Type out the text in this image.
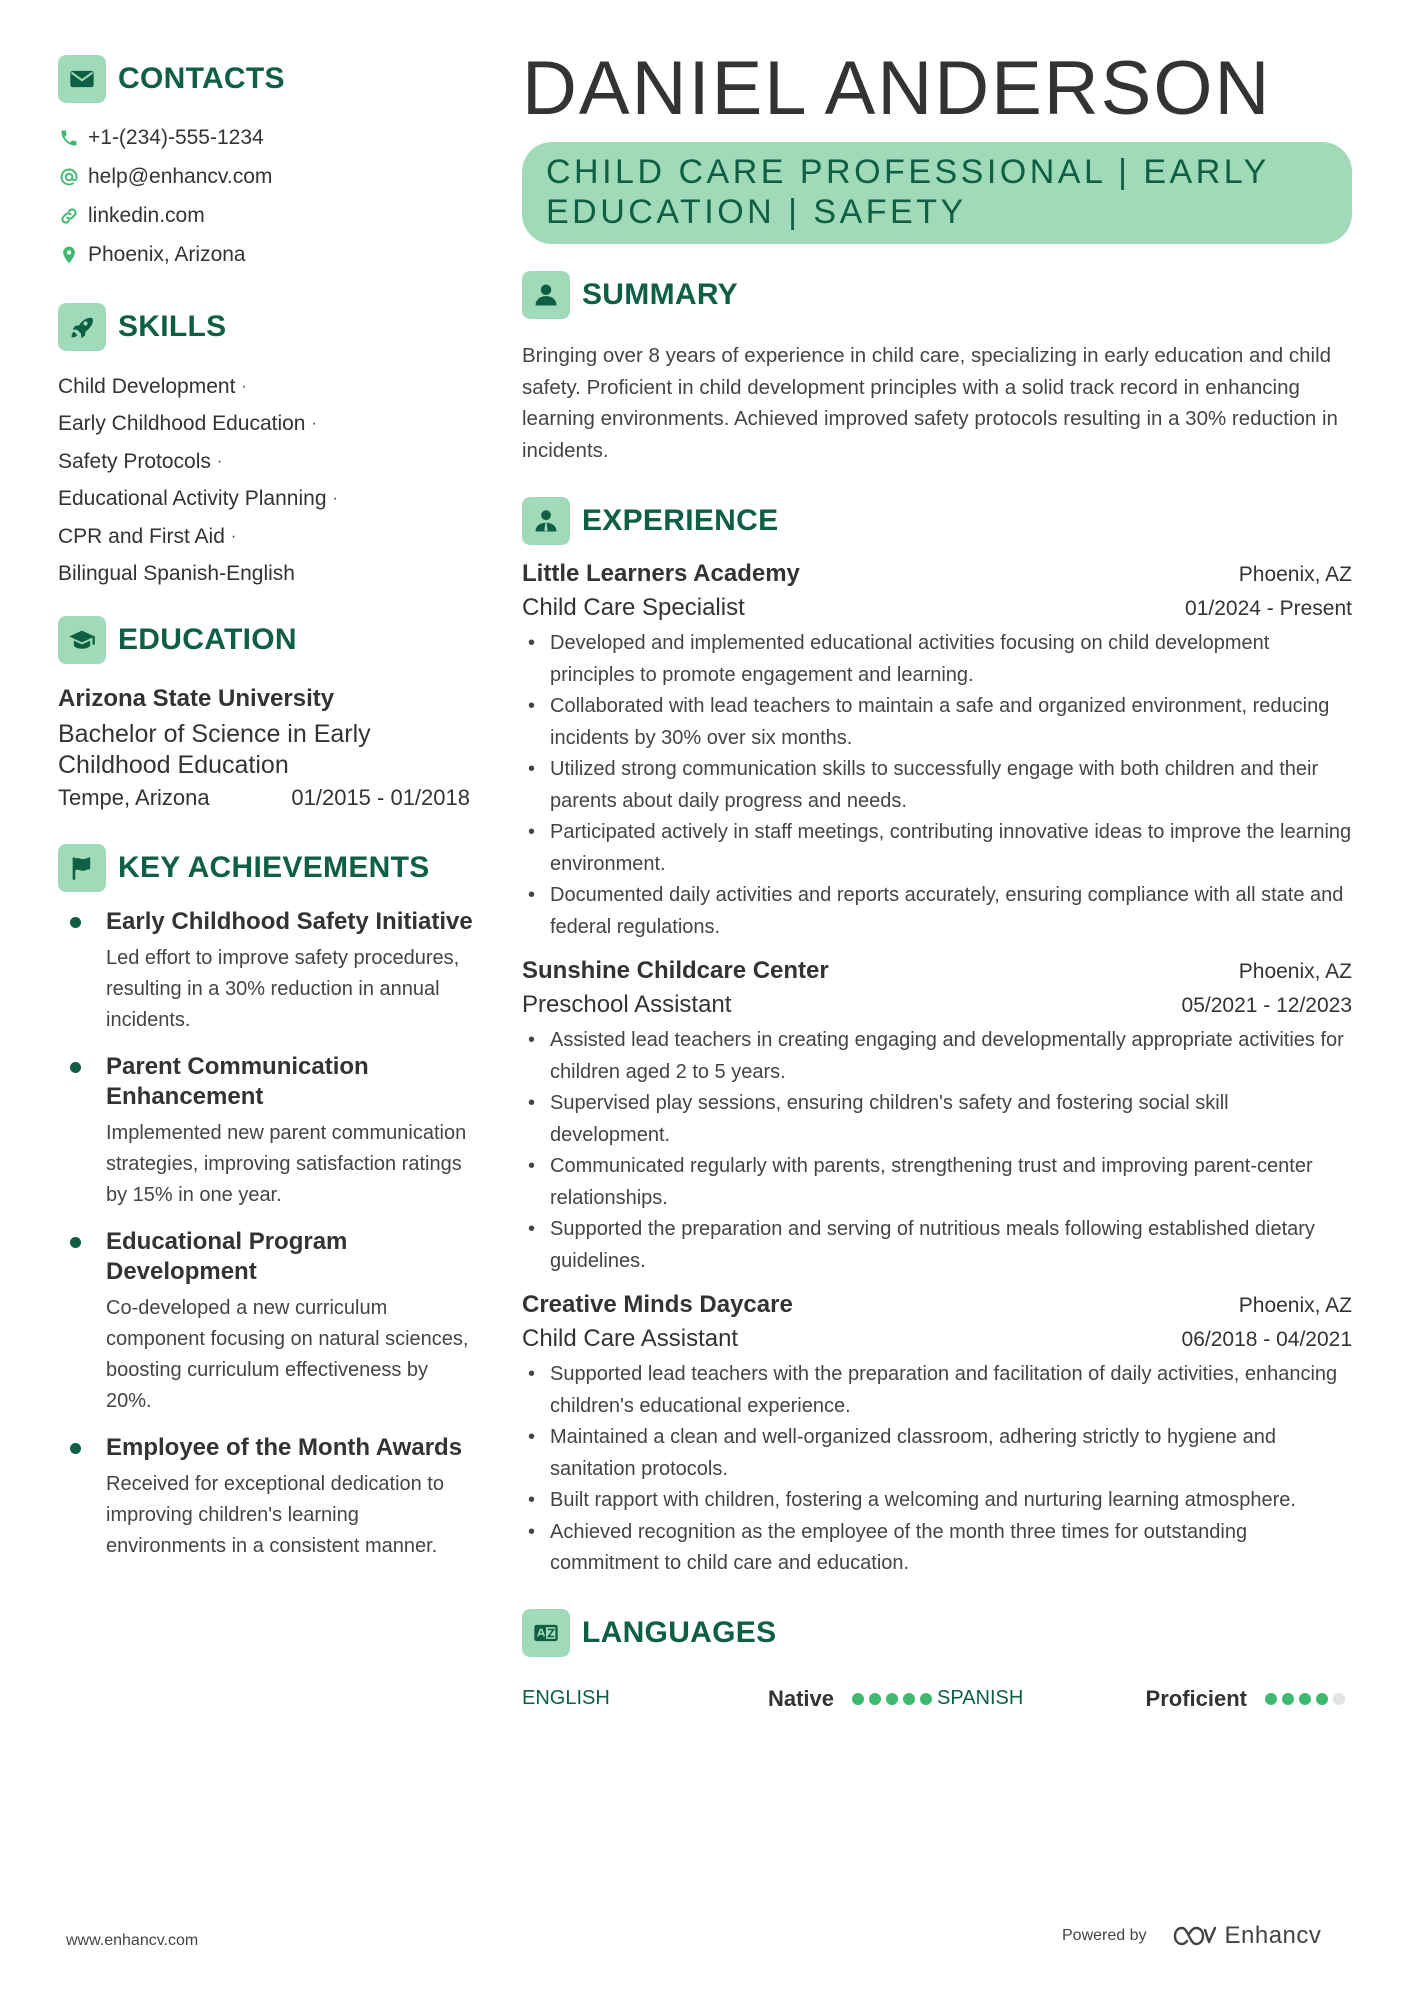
CONTACTS
+1-(234)-555-1234
help@enhancv.com
linkedin.com
Phoenix, Arizona
SKILLS
Child Development ·
Early Childhood Education ·
Safety Protocols ·
Educational Activity Planning ·
CPR and First Aid ·
Bilingual Spanish-English
EDUCATION
Arizona State University
Bachelor of Science in Early
Childhood Education
Tempe, Arizona	01/2015 - 01/2018
KEY ACHIEVEMENTS
Early Childhood Safety Initiative
Led effort to improve safety procedures, resulting in a 30% reduction in annual incidents.
Parent Communication Enhancement
Implemented new parent communication strategies, improving satisfaction ratings by 15% in one year.
Educational Program Development
Co-developed a new curriculum component focusing on natural sciences, boosting curriculum effectiveness by 20%.
Employee of the Month Awards
Received for exceptional dedication to improving children's learning environments in a consistent manner.
DANIEL ANDERSON
CHILD CARE PROFESSIONAL | EARLY
EDUCATION | SAFETY
SUMMARY
Bringing over 8 years of experience in child care, specializing in early education and child safety. Proficient in child development principles with a solid track record in enhancing learning environments. Achieved improved safety protocols resulting in a 30% reduction in incidents.
EXPERIENCE
Little Learners Academy	Phoenix, AZ
Child Care Specialist	01/2024 - Present
• Developed and implemented educational activities focusing on child development principles to promote engagement and learning.
• Collaborated with lead teachers to maintain a safe and organized environment, reducing incidents by 30% over six months.
• Utilized strong communication skills to successfully engage with both children and their parents about daily progress and needs.
• Participated actively in staff meetings, contributing innovative ideas to improve the learning environment.
• Documented daily activities and reports accurately, ensuring compliance with all state and federal regulations.
Sunshine Childcare Center	Phoenix, AZ
Preschool Assistant	05/2021 - 12/2023
• Assisted lead teachers in creating engaging and developmentally appropriate activities for children aged 2 to 5 years.
• Supervised play sessions, ensuring children's safety and fostering social skill development.
• Communicated regularly with parents, strengthening trust and improving parent-center relationships.
• Supported the preparation and serving of nutritious meals following established dietary guidelines.
Creative Minds Daycare	Phoenix, AZ
Child Care Assistant	06/2018 - 04/2021
• Supported lead teachers with the preparation and facilitation of daily activities, enhancing children's educational experience.
• Maintained a clean and well-organized classroom, adhering strictly to hygiene and sanitation protocols.
• Built rapport with children, fostering a welcoming and nurturing learning atmosphere.
• Achieved recognition as the employee of the month three times for outstanding commitment to child care and education.
LANGUAGES
ENGLISH	Native	SPANISH	Proficient
www.enhancv.com	Powered by	Enhancv
